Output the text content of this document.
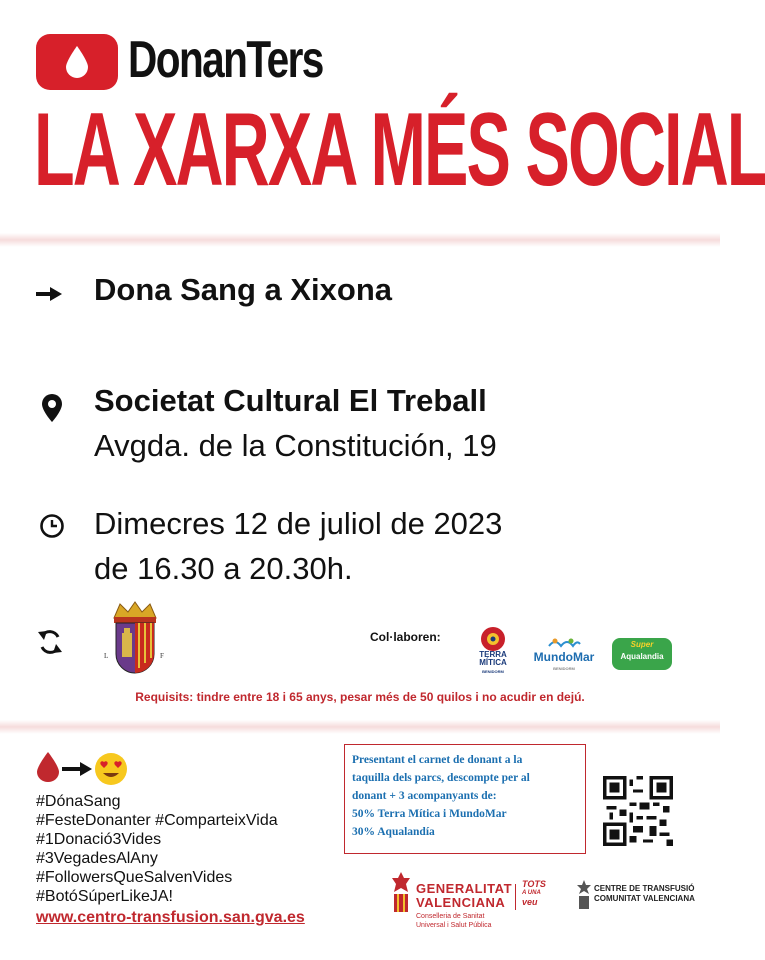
DonanTers
LA XARXA MÉS SOCIAL
Dona Sang a Xixona
Societat Cultural El Treball
Avgda. de la Constitución, 19
Dimecres 12 de juliol de 2023
de 16.30 a 20.30h.
L	F
Col·laboren:
TERRA MÍTICA
BENIDORM
MundoMar
BENIDORM
Super
Aqualandia
Requisits: tindre entre 18 i 65 anys, pesar més de 50 quilos i no acudir en dejú.
#DónaSang
#FesteDonanter #ComparteixVida
#1Donació3Vides
#3VegadesAlAny
#FollowersQueSalvenVides
#BotóSúperLikeJA!
www.centro-transfusion.san.gva.es
Presentant el carnet de donant a la
taquilla dels parcs, descompte per al
donant + 3 acompanyants de:
50% Terra Mítica i MundoMar
30% Aqualandía
GENERALITAT
VALENCIANA
Conselleria de Sanitat
Universal i Salut Pública
TOTS
A UNA
veu
CENTRE DE TRANSFUSIÓ
COMUNITAT VALENCIANA
